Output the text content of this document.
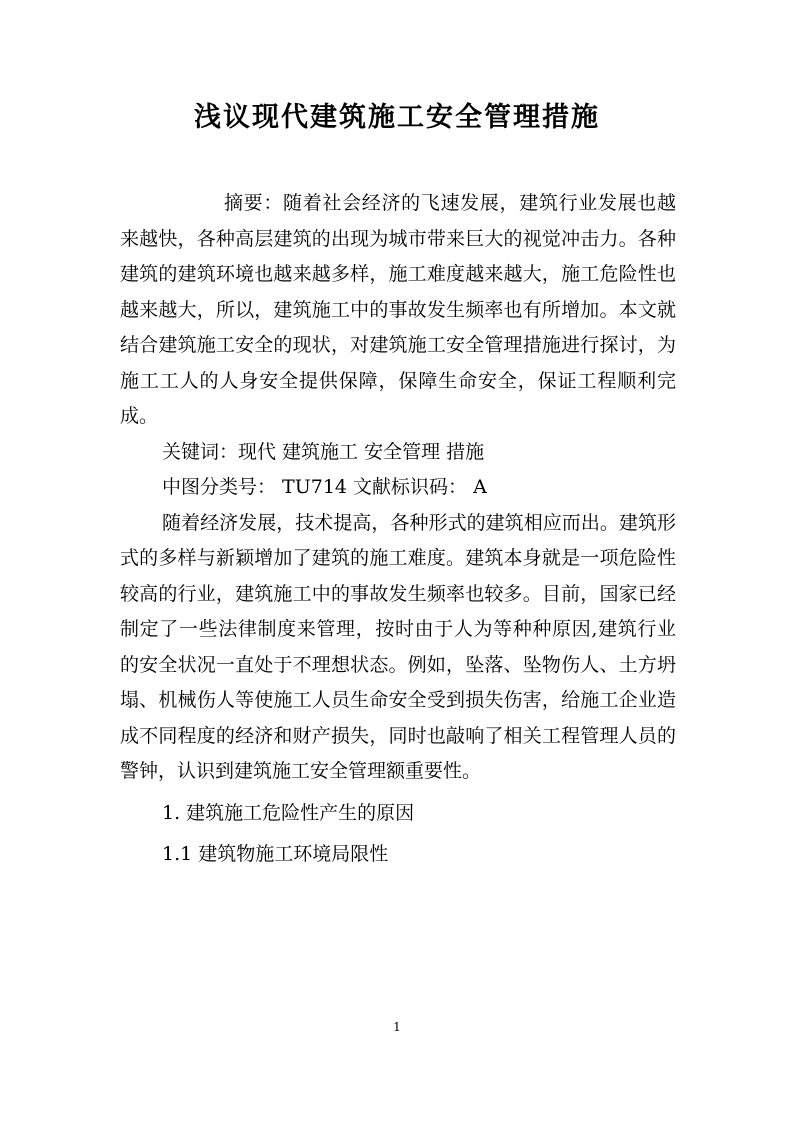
浅议现代建筑施工安全管理措施

摘要：随着社会经济的飞速发展，建筑行业发展也越来越快，各种高层建筑的出现为城市带来巨大的视觉冲击力。各种建筑的建筑环境也越来越多样，施工难度越来越大，施工危险性也越来越大，所以，建筑施工中的事故发生频率也有所增加。本文就结合建筑施工安全的现状，对建筑施工安全管理措施进行探讨，为施工工人的人身安全提供保障，保障生命安全，保证工程顺利完成。

关键词：现代 建筑施工 安全管理 措施

中图分类号： TU714 文献标识码： A

随着经济发展，技术提高，各种形式的建筑相应而出。建筑形式的多样与新颖增加了建筑的施工难度。建筑本身就是一项危险性较高的行业，建筑施工中的事故发生频率也较多。目前，国家已经制定了一些法律制度来管理，按时由于人为等种种原因,建筑行业的安全状况一直处于不理想状态。例如，坠落、坠物伤人、土方坍塌、机械伤人等使施工人员生命安全受到损失伤害，给施工企业造成不同程度的经济和财产损失，同时也敲响了相关工程管理人员的警钟，认识到建筑施工安全管理额重要性。

1. 建筑施工危险性产生的原因

1.1 建筑物施工环境局限性

1
